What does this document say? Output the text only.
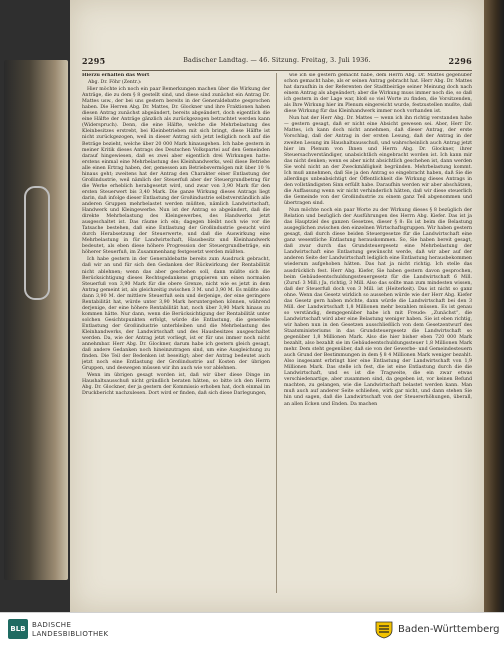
2295	Badischer Landtag. — 46. Sitzung. Freitag, 3. Juli 1936.	2296

Hierzu erhalten das Wort

Abg. Dr. Föhr (Zentr.):

Hier möchte ich noch ein paar Bemerkungen machen über die Wirkung der Anträge, die zu dem § 8 gestellt sind, und diese sind zunächst ein Antrag Dr. Mattes usw., der bei uns gestern bereits in der Generaldebatte gesprochen haben. Die Herren Abg. Dr. Mattes, Dr. Glockner und ihre Fraktionen haben diesen Antrag zunächst abgeändert, bereits abgeändert, doch eigentlich die eine Hälfte der Anträge gänzlich als zurückgezogen betrachtet werden kann (Widerspruch). Denn, die eine Hälfte, welche die Mehrbelastung des Kleinbesitzes erstrebt, bei Kleinbetrieben mit sich bringt, diese Hälfte ist nicht zurückgezogen, weil in dieser Antrag sich jetzt lediglich noch auf die Beträge bezieht, welche über 20 000 Mark hinausgehen. Ich habe gestern in meiner Kritik dieses Antrags des Deutschen Volkspartei auf den Gemeinden darauf hingewiesen, daß es zwei aber eigentlich drei Wirkungen hatte: erstens einmal eine Mehrbelastung des Kleinhandwerks, weil diese Betriebe alle einen Ertrag haben, der, gemessen am Betriebsvermögen mit über 10 % hinaus geht; zweitens hat der Antrag den Charakter einer Entlastung der Großindustrie, weil nämlich der Steuerfuß aber der Steuergrundbetrag für die Werke erheblich herabgesetzt wird, und zwar von 3,90 Mark für den ersten Steuerwert bis 3,40 Mark. Die ganze Wirkung dieses Antrags liegt darin, daß infolge dieser Entlastung der Großindustrie selbstverständlich alle anderen Gruppen mehrbelastet werden müßten, nämlich Landwirtschaft, Handwerk und Kleingewerbe. Nun ist der Antrag so abgeändert, daß die direkte Mehrbelastung des Kleingewerbes, des Handwerks jetzt ausgeschaltet ist. Das räume ich ein; dagegen bleibt noch wie vor die Tatsache bestehen, daß eine Entlastung der Großindustrie gesucht wird durch Herabsetzung der Steuerwerte, und daß die Auswirkung eine Mehrbelastung in für Landwirtschaft, Hausbesitz und Kleinhandwerk bedeutet, als eben diese höhere Progression der Steuergrundbeträge, ein höherer Steuerfuß, im Zusammenhang festgesetzt werden müßten.

Ich habe gestern in der Generaldebatte bereits zum Ausdruck gebracht, daß wir an und für sich den Gedanken der Rückwirkung der Rentabilität nicht ablehnen; wenn das aber geschehen soll, dann müßte sich die Berücksichtigung dieses Rechtsgedankens gruppieren um einen normalen Steuerfuß von 3,90 Mark für die obere Grenze, nicht wie es jetzt in dem Antrag gemeint ist, als gleichzeitig zwischen 3 M. und 3,90 M. Es müßte also dann 3,90 M. der mittlere Steuerfuß sein und derjenige, der eine geringere Rentabilität hat, würde unter 3,90 Mark heruntergehen können, während derjenige, der eine höhere Rentabilität hat, noch über 3,90 Mark hinaus zu kommen hätte. Nur dann, wenn die Berücksichtigung der Rentabilität unter solchen Gesichtspunkten erfolgt, würde die Entlastung, die generelle Entlastung der Großindustrie unterbleiben und die Mehrbelastung des Kleinhandwerks, der Landwirtschaft und des Hausbesitzes ausgeschaltet werden. Da, wie der Antrag jetzt vorliegt, ist er für uns immer noch nicht annehmbar. Herr Abg. Dr. Glockner, darum habe ich gestern gleich gesagt, daß andere Gedanken noch hineinzutragen sind, um eine Ausgleichung zu finden. Die Teil der Bedenken ist beseitigt; aber der Antrag bedeutet auch jetzt noch eine Entlastung der Großindustrie auf Kosten der übrigen Gruppen, und deswegen müssen wir ihn auch wie vor ablehnen.

Wenn im übrigen gesagt worden ist, daß wir über diese Dinge im Haushaltsausschuß nicht gründlich beraten hätten, so bitte ich den Herrn Abg. Dr. Glockner, der ja gestern der Kommissio erhoben hat, doch einmal im Druckbericht nachzulesen. Dort wird er finden, daß sich diese Darlegungen,

wie ich sie gestern gemacht habe, dem Herrn Abg. Dr. Mattes gegenüber schon gemacht habe, als er seinen Antrag gebracht hat. Herr Abg. Dr. Mattes hat daraufhin in der Referenten der Stadtbeiräge seiner Meinung doch nach einem Antrag als abgeändert; aber die Wirkung muss immer noch die, so daß ich gestern in der Lage war, bloß so viel Worte zu finden, die Vorsitzenden, als Ihre Wirkung hier im Plenum eingereicht wurde, festzustellen mußte, daß diese Wirkung für das Kleinhandwerk immer noch vorhanden ist.

Nun hat der Herr Abg. Dr. Mattes — wenn ich ihn richtig verstanden habe — gestern gesagt, daß er nicht eine Absicht gewesen sei. Aber, Herr Dr. Mattes, ich kann doch nicht annehmen, daß dieser Antrag, der erste Vorschlag, daß der Antrag in der ersten Lesung, daß der Antrag in der zweiten Lesung im Haushaltsausschuß, und wahrscheinlich auch Antrag jetzt hier im Plenum von Ihnen und Herrn Abg. Dr. Glockner, ihrer Steuersachverständiger, unabsichtlich eingebracht worden ist. Ich kann mir das nicht denken; wenn es aber nicht absichtlich geschehen ist, dann werden Sie wohl nicht an der Zweckmäßigkeit begründen. Mehrbelastung kommt. Ich muß annehmen, daß Sie ja den Antrag so eingebracht haben, daß Sie die allerdings unbeabsichtigt der Öffentlichkeit die Wirkung dieses Antrags in den vollständigsten Sinn erfüllt habe. Daraufhin werden wir aber abschätzen, die Auffassung wenn wir nicht verhinderlich hätten, daß wir diese steuerlich die Gemeinde von der Großindustrie zu einem ganz Teil abgenommen und übertragen sind.

Nun möchte noch ein paar Worte zu der Wirkung dieses § 8 bezüglich der Relation und bezüglich der Ausführungen des Herrn Abg. Kiefer. Das ist ja das Hauptziel des ganzen Gesetzes, dieser § 8: Es ist beim die Belastung ausgeglichen zwischen den einzelnen Wirtschaftsgruppen. Wir haben gestern gesagt, daß durch diese beiden Steuergesetze für die Landwirtschaft eine ganz wesentliche Entlastung herauskommen. So, Sie haben bereit gesagt, daß zwar durch das Grundsteuergesetz eine Mehrbelastung der Landwirtschaft eine Entlastung gewünscht werde, daß wir aber auf der anderen Seite der Landwirtschaft lediglich eine Entlastung herausbekommen wiederum aufgehoben hätten. Das hat ja nicht richtig. Ich stelle das ausdrücklich fest. Herr Abg. Kiefer, Sie haben gestern davon gesprochen, beim Gebäudeentschuldungssteuergesetz für die Landwirtschaft 6 Mill. (Zuruf: 3 Mill.) Ja, richtig, 3 Mill. Also das sollte man zum mindesten wissen, daß der Steuerfuß doch von 3 Mill. ist (Heiterkeit). Das ist nicht so ganz ohne. Wenn das Gesetz wirklich so aussehen würde wie der Herr Abg. Kiefer das Gesetz gern haben möchte, dann würde die Landwirtschaft bei den 3 Mill. der Landwirtschaft 1,8 Millionen mehr bezahlen müssen. Es ist genau so verständig, demgegenüber habe ich mit Freude: „Zunächst“, die Landwirtschaft wird aber eine Belastung weniger haben. Sie ist eben richtig, wir haben nun in den Gesetzen ausschließlich von dem Gesetzentwurf des Staatsministeriums in das Grundsteuergesetz die Landwirtschaft so gegenüber 1,8 Millionen Mark. Also die hier bisher eben 720 000 Mark bezahlt, also bezahlt sie im Gebäudeentschuldungssteuer 1,8 Millionen Mark mehr. Dem steht gegenüber, daß sie von der Gewerbe- und Gemeindesteuern auch Grund der Bestimmungen in dem § 8 4 Millionen Mark weniger bezahlt. Also insgesamt erbringt hier eine Entlastung der Landwirtschaft von 1,9 Millionen Mark. Das stelle ich fest, die ist eine Entlastung durch die die Landwirtschaft, und es ist die Tragweite, die ein zwar etwas verschiedenartige, aber zusammen sind, da gegeben ist, vor keinen Befund machten, zu gelangen, wie die Landwirtschaft belastet werden kann. Man muß auch auf anderer Seite schließen, wirk gar nicht, und dann stehen Sie hin und sagen, daß die Landwirtschaft von der Steuererhöhungen, überall, an allen Ecken und Enden. Da machen

BLB BADISCHE
LANDESBIBLIOTHEK	Baden-Württemberg
